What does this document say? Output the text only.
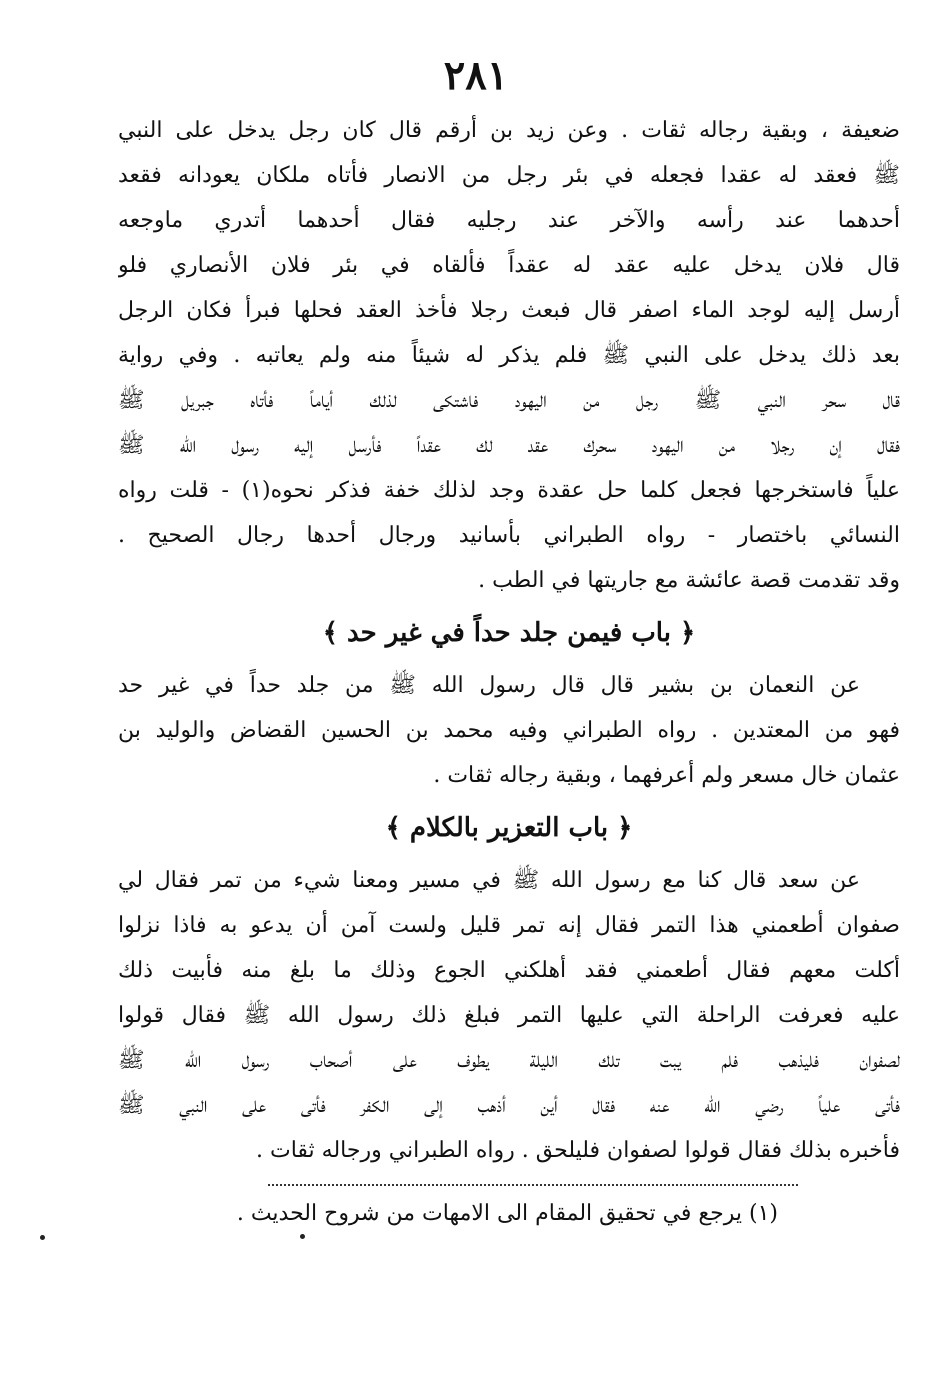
٢٨١
ضعيفة ، وبقية رجاله ثقات . وعن زيد بن أرقم قال كان رجل يدخل على النبي
ﷺ فعقد له عقدا فجعله في بئر رجل من الانصار فأتاه ملكان يعودانه فقعد
أحدهما عند رأسه والآخر عند رجليه فقال أحدهما أتدري ماوجعه
قال فلان يدخل عليه عقد له عقداً فألقاه في بئر فلان الأنصاري فلو
أرسل إليه لوجد الماء اصفر قال فبعث رجلا فأخذ العقد فحلها فبرأ فكان الرجل
بعد ذلك يدخل على النبي ﷺ فلم يذكر له شيئاً منه ولم يعاتبه . وفي رواية
قال سحر النبي ﷺ رجل من اليهود فاشتكى لذلك أياماً فأتاه جبريل ﷺ
فقال إن رجلا من اليهود سحرك عقد لك عقداً فأرسل إليه رسول الله ﷺ
علياً فاستخرجها فجعل كلما حل عقدة وجد لذلك خفة فذكر نحوه(١) - قلت رواه
النسائي باختصار - رواه الطبراني بأسانيد ورجال أحدها رجال الصحيح .
وقد تقدمت قصة عائشة مع جاريتها في الطب .
﴿ باب فيمن جلد حداً في غير حد ﴾
عن النعمان بن بشير قال قال رسول الله ﷺ من جلد حداً في غير حد
فهو من المعتدين . رواه الطبراني وفيه محمد بن الحسين القضاض والوليد بن
عثمان خال مسعر ولم أعرفهما ، وبقية رجاله ثقات .
﴿ باب التعزير بالكلام ﴾
عن سعد قال كنا مع رسول الله ﷺ في مسير ومعنا شيء من تمر فقال لي
صفوان أطعمني هذا التمر فقال إنه تمر قليل ولست آمن أن يدعو به فاذا نزلوا
أكلت معهم فقال أطعمني فقد أهلكني الجوع وذلك ما بلغ منه فأبيت ذلك
عليه فعرفت الراحلة التي عليها التمر فبلغ ذلك رسول الله ﷺ فقال قولوا
لصفوان فليذهب فلم يبت تلك الليلة يطوف على أصحاب رسول الله ﷺ
فأتى علياً رضي الله عنه فقال أين أذهب إلى الكفر فأتى على النبي ﷺ
فأخبره بذلك فقال قولوا لصفوان فليلحق . رواه الطبراني ورجاله ثقات .
(١) يرجع في تحقيق المقام الى الامهات من شروح الحديث .
